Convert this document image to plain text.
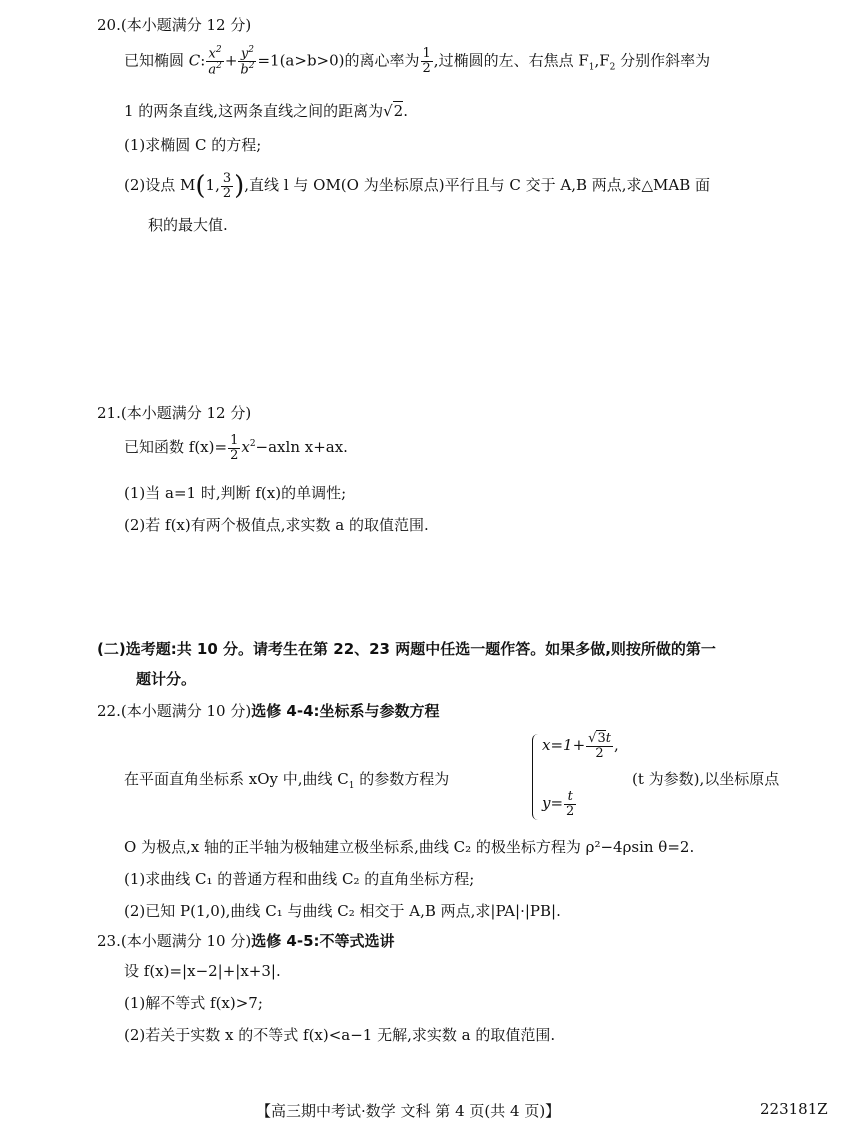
20.(本小题满分 12 分)
已知椭圆 C: $\frac{x^2}{a^2} + \frac{y^2}{b^2} =1(a>b>0)$的离心率为 $\frac{1}{2}$ ,过椭圆的左、右焦点 $F_1,F_2$ 分别作斜率为
1 的两条直线,这两条直线之间的距离为√2.
(1)求椭圆 C 的方程;
(2)设点 M(1, $\frac{3}{2}$ ),直线 l 与 OM(O 为坐标原点)平行且与 C 交于 A,B 两点,求△MAB 面
积的最大值.
21.(本小题满分 12 分)
已知函数 $f(x)= \frac{1}{2} x^2-axln$ x+ax.
(1)当 a=1 时,判断 f(x)的单调性;
(2)若 f(x)有两个极值点,求实数 a 的取值范围.
(二)选考题:共 10 分。请考生在第 22、23 两题中任选一题作答。如果多做,则按所做的第一
题计分。
22.(本小题满分 10 分)选修 4-4:坐标系与参数方程
在平面直角坐标系 xOy 中,曲线 $C_1$ 的参数方程为
$x=1+ \frac{√3t}{2}$ ,
$y= \frac{t}{2}$
(t 为参数),以坐标原点
O 为极点,x 轴的正半轴为极轴建立极坐标系,曲线 C₂ 的极坐标方程为 ρ²−4ρsin θ=2.
(1)求曲线 C₁ 的普通方程和曲线 C₂ 的直角坐标方程;
(2)已知 P(1,0),曲线 C₁ 与曲线 C₂ 相交于 A,B 两点,求|PA|·|PB|.
23.(本小题满分 10 分)选修 4-5:不等式选讲
设 f(x)=|x−2|+|x+3|.
(1)解不等式 f(x)>7;
(2)若关于实数 x 的不等式 f(x)<a−1 无解,求实数 a 的取值范围.
【高三期中考试·数学 文科 第 4 页(共 4 页)】	223181Z
